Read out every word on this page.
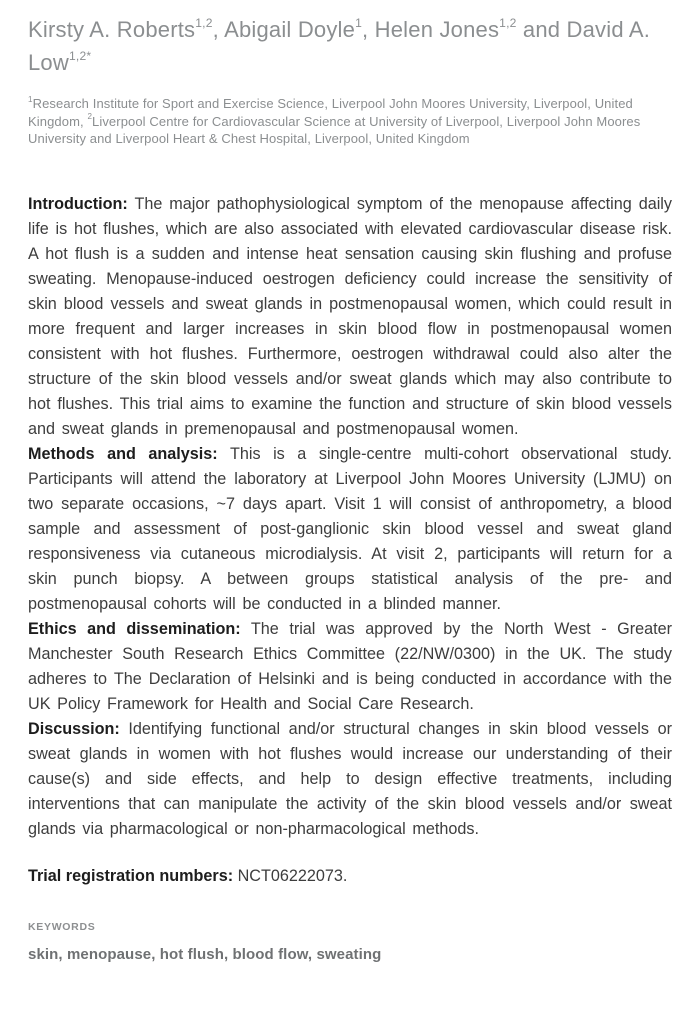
Kirsty A. Roberts$^{1,2}$, Abigail Doyle$^1$, Helen Jones$^{1,2}$ and David A. Low$^{1,2*}$
$^1$Research Institute for Sport and Exercise Science, Liverpool John Moores University, Liverpool, United Kingdom, $^2$Liverpool Centre for Cardiovascular Science at University of Liverpool, Liverpool John Moores University and Liverpool Heart & Chest Hospital, Liverpool, United Kingdom

Introduction: The major pathophysiological symptom of the menopause affecting daily life is hot flushes, which are also associated with elevated cardiovascular disease risk. A hot flush is a sudden and intense heat sensation causing skin flushing and profuse sweating. Menopause-induced oestrogen deficiency could increase the sensitivity of skin blood vessels and sweat glands in postmenopausal women, which could result in more frequent and larger increases in skin blood flow in postmenopausal women consistent with hot flushes. Furthermore, oestrogen withdrawal could also alter the structure of the skin blood vessels and/or sweat glands which may also contribute to hot flushes. This trial aims to examine the function and structure of skin blood vessels and sweat glands in premenopausal and postmenopausal women.

Methods and analysis: This is a single-centre multi-cohort observational study. Participants will attend the laboratory at Liverpool John Moores University (LJMU) on two separate occasions, ~7 days apart. Visit 1 will consist of anthropometry, a blood sample and assessment of post-ganglionic skin blood vessel and sweat gland responsiveness via cutaneous microdialysis. At visit 2, participants will return for a skin punch biopsy. A between groups statistical analysis of the pre- and postmenopausal cohorts will be conducted in a blinded manner.

Ethics and dissemination: The trial was approved by the North West - Greater Manchester South Research Ethics Committee (22/NW/0300) in the UK. The study adheres to The Declaration of Helsinki and is being conducted in accordance with the UK Policy Framework for Health and Social Care Research.

Discussion: Identifying functional and/or structural changes in skin blood vessels or sweat glands in women with hot flushes would increase our understanding of their cause(s) and side effects, and help to design effective treatments, including interventions that can manipulate the activity of the skin blood vessels and/or sweat glands via pharmacological or non-pharmacological methods.

Trial registration numbers: NCT06222073.
KEYWORDS
skin, menopause, hot flush, blood flow, sweating
